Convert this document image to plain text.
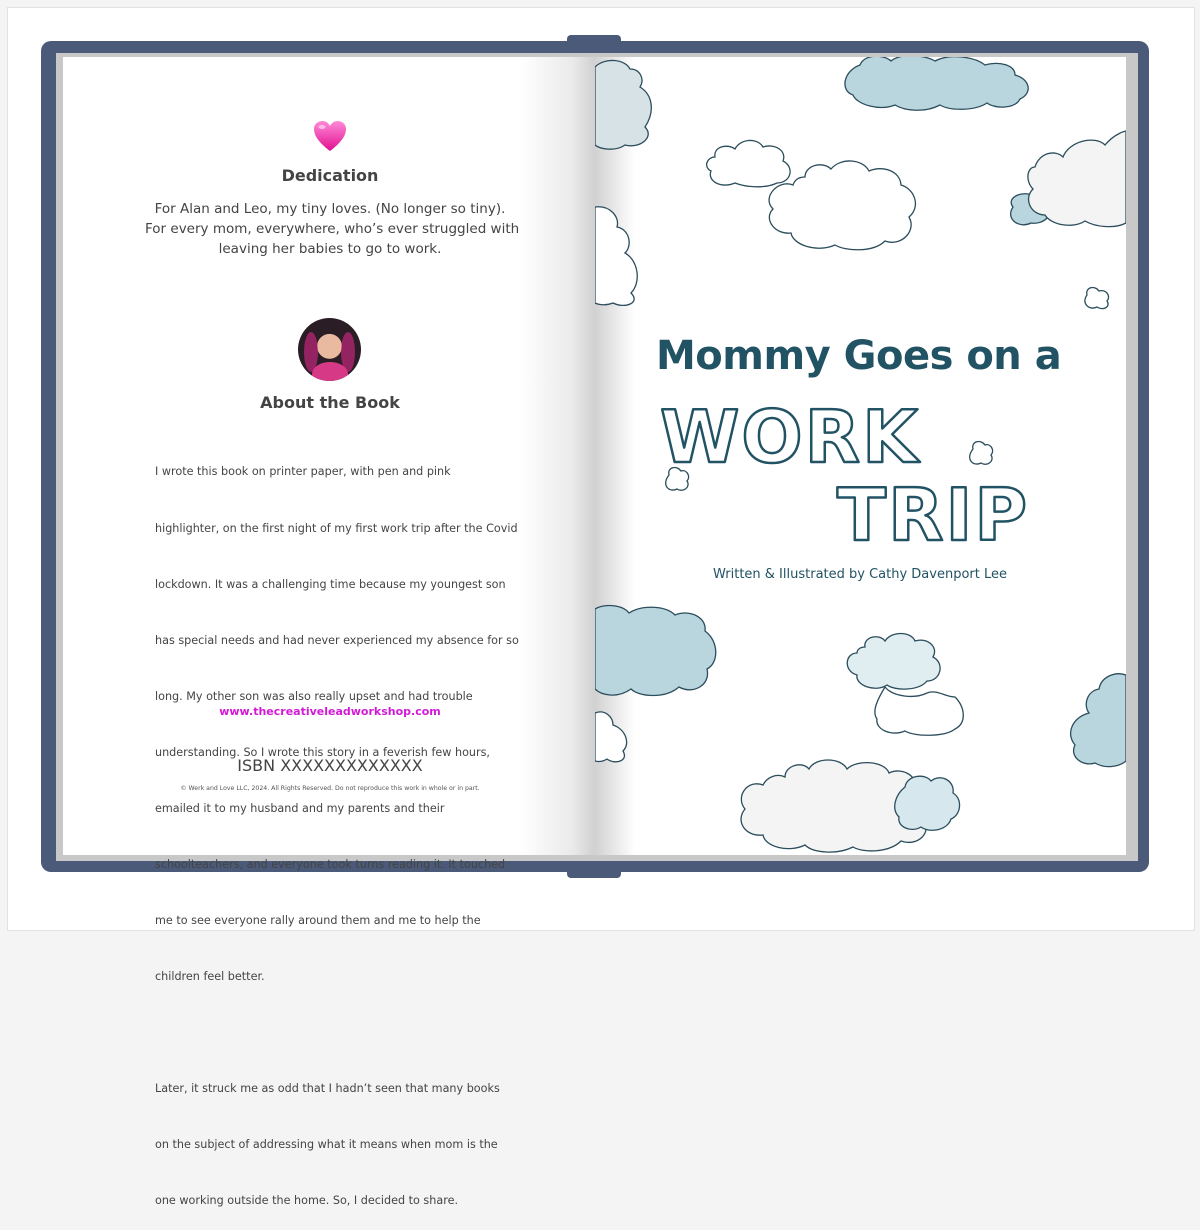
Dedication
For Alan and Leo, my tiny loves. (No longer so tiny).
For every mom, everywhere, who’s ever struggled with
leaving her babies to go to work.
About the Book

I wrote this book on printer paper, with pen and pink

highlighter, on the first night of my first work trip after the Covid

lockdown. It was a challenging time because my youngest son

has special needs and had never experienced my absence for so

long. My other son was also really upset and had trouble

understanding. So I wrote this story in a feverish few hours,

emailed it to my husband and my parents and their

schoolteachers, and everyone took turns reading it. It touched

me to see everyone rally around them and me to help the

children feel better.

Later, it struck me as odd that I hadn’t seen that many books

on the subject of addressing what it means when mom is the

one working outside the home. So, I decided to share.

www.thecreativeleadworkshop.com
ISBN XXXXXXXXXXXXX
© Werk and Love LLC, 2024. All Rights Reserved. Do not reproduce this work in whole or in part.
Mommy Goes on a
WORK
TRIP
Written & Illustrated by Cathy Davenport Lee
